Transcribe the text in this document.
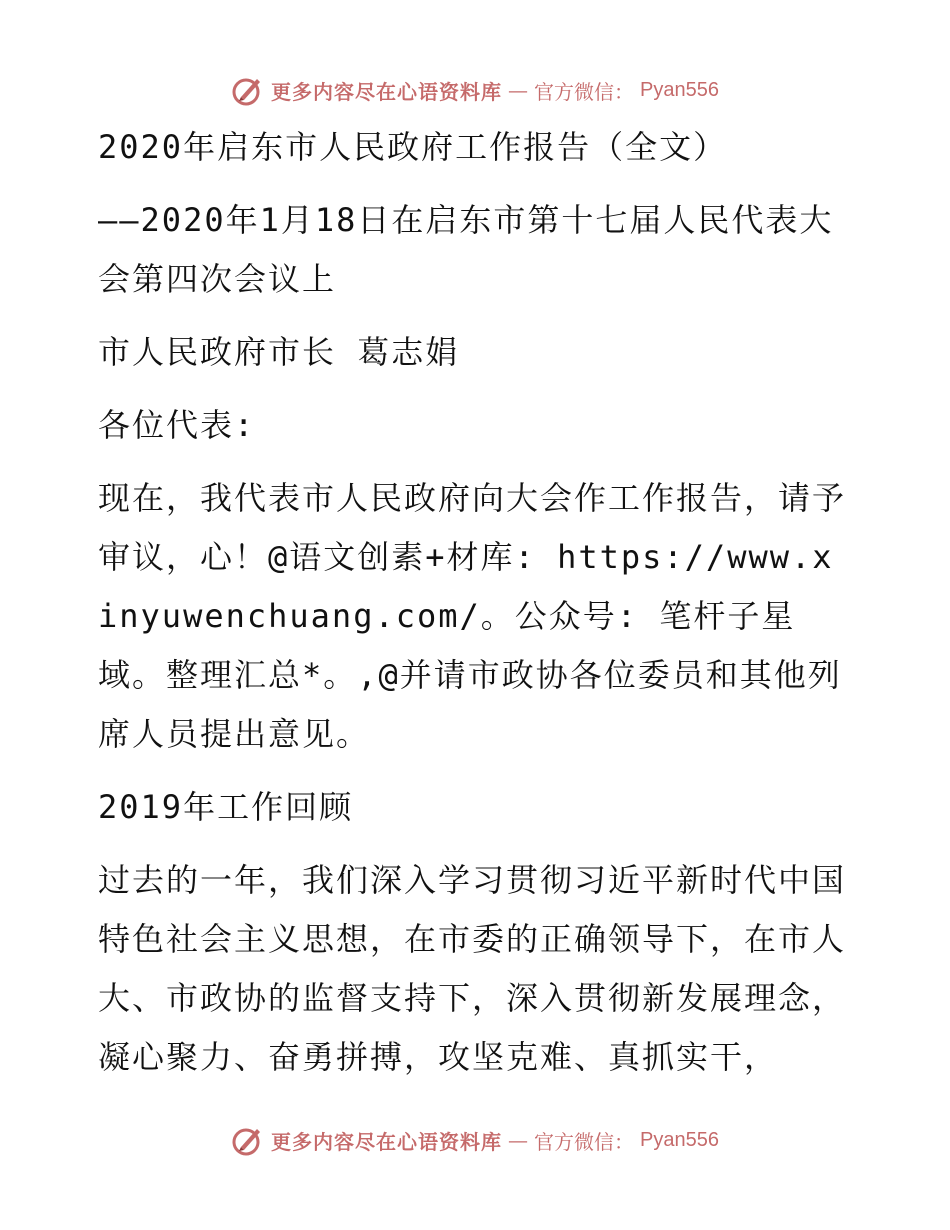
更多内容尽在心语资料库 — 官方微信： Pyan556

2020年启东市人民政府工作报告（全文）

——2020年1月18日在启东市第十七届人民代表大会第四次会议上

市人民政府市长 葛志娟

各位代表:

现在，我代表市人民政府向大会作工作报告，请予审议，心！@语文创素+材库: https://www.xinyuwenchuang.com/。公众号: 笔杆子星域。整理汇总*。,@并请市政协各位委员和其他列席人员提出意见。

2019年工作回顾

过去的一年，我们深入学习贯彻习近平新时代中国特色社会主义思想，在市委的正确领导下，在市人大、市政协的监督支持下，深入贯彻新发展理念，凝心聚力、奋勇拼搏，攻坚克难、真抓实干，

更多内容尽在心语资料库 — 官方微信： Pyan556
